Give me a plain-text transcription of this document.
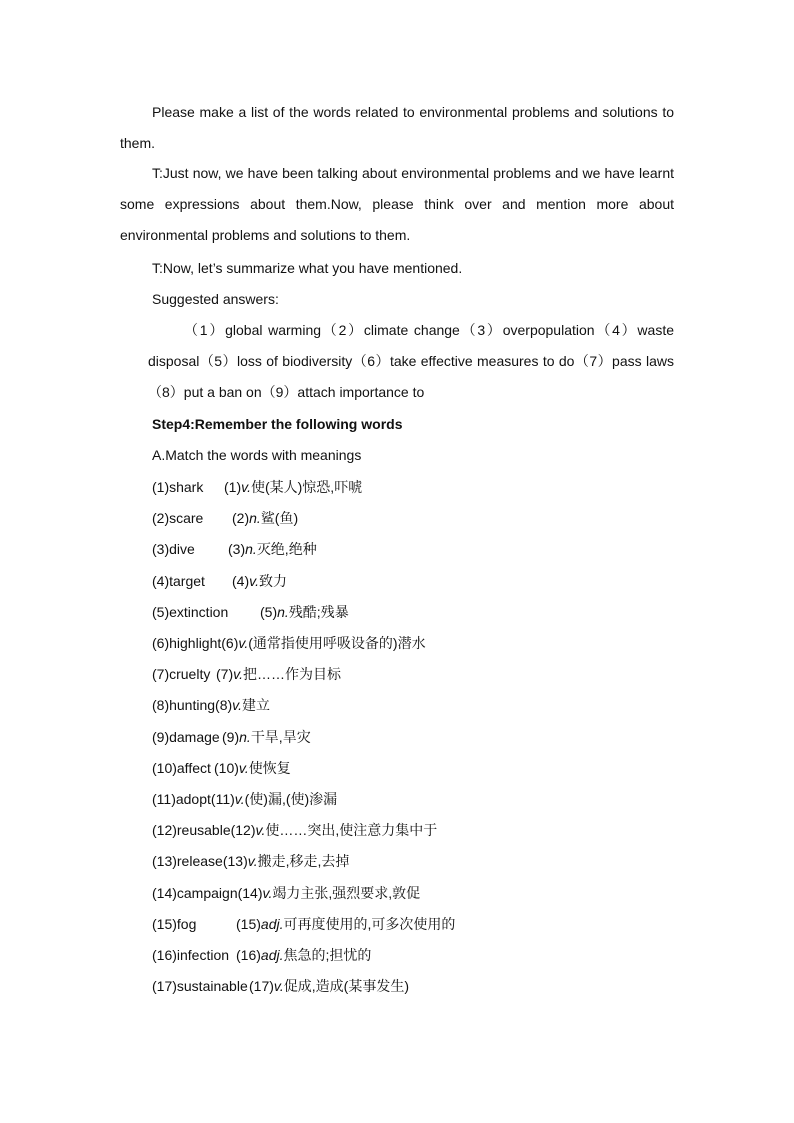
Please make a list of the words related to environmental problems and solutions to them.

T:Just now, we have been talking about environmental problems and we have learnt some expressions about them.Now, please think over and mention more about environmental problems and solutions to them.

T:Now, let’s summarize what you have mentioned.

Suggested answers:

（1）global warming（2）climate change（3）overpopulation（4）waste disposal（5）loss of biodiversity（6）take effective measures to do（7）pass laws（8）put a ban on（9）attach importance to

Step4:Remember the following words

A.Match the words with meanings

(1)shark (1)v.使(某人)惊恐,吓唬
(2)scare (2)n.鲨(鱼)
(3)dive (3)n.灭绝,绝种
(4)target (4)v.致力
(5)extinction (5)n.残酷;残暴
(6)highlight(6)v.(通常指使用呼吸设备的)潜水
(7)cruelty (7)v.把……作为目标
(8)hunting(8)v.建立
(9)damage (9)n.干旱,旱灾
(10)affect (10)v.使恢复
(11)adopt(11)v.(使)漏,(使)渗漏
(12)reusable(12)v.使……突出,使注意力集中于
(13)release(13)v.搬走,移走,去掉
(14)campaign(14)v.竭力主张,强烈要求,敦促
(15)fog	(15)adj.可再度使用的,可多次使用的
(16)infection (16)adj.焦急的;担忧的
(17)sustainable(17)v.促成,造成(某事发生)
